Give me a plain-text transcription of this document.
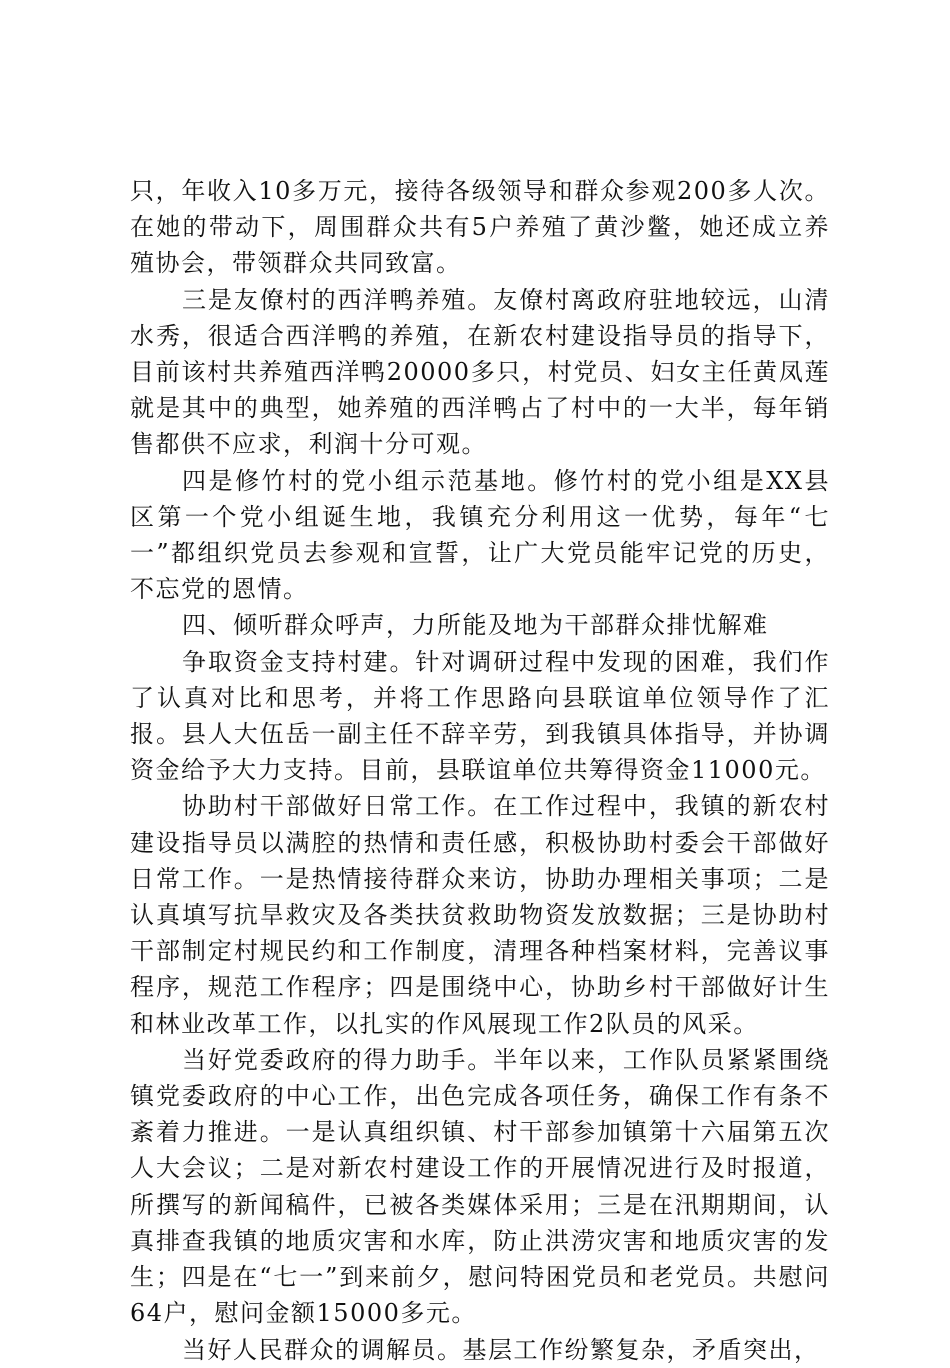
只，年收入10多万元，接待各级领导和群众参观200多人次。在她的带动下，周围群众共有5户养殖了黄沙鳖，她还成立养殖协会，带领群众共同致富。

三是友僚村的西洋鸭养殖。友僚村离政府驻地较远，山清水秀，很适合西洋鸭的养殖，在新农村建设指导员的指导下，目前该村共养殖西洋鸭20000多只，村党员、妇女主任黄凤莲就是其中的典型，她养殖的西洋鸭占了村中的一大半，每年销售都供不应求，利润十分可观。

四是修竹村的党小组示范基地。修竹村的党小组是XX县区第一个党小组诞生地，我镇充分利用这一优势，每年“七一”都组织党员去参观和宣誓，让广大党员能牢记党的历史，不忘党的恩情。

四、倾听群众呼声，力所能及地为干部群众排忧解难

争取资金支持村建。针对调研过程中发现的困难，我们作了认真对比和思考，并将工作思路向县联谊单位领导作了汇报。县人大伍岳一副主任不辞辛劳，到我镇具体指导，并协调资金给予大力支持。目前，县联谊单位共筹得资金11000元。

协助村干部做好日常工作。在工作过程中，我镇的新农村建设指导员以满腔的热情和责任感，积极协助村委会干部做好日常工作。一是热情接待群众来访，协助办理相关事项；二是认真填写抗旱救灾及各类扶贫救助物资发放数据；三是协助村干部制定村规民约和工作制度，清理各种档案材料，完善议事程序，规范工作程序；四是围绕中心，协助乡村干部做好计生和林业改革工作，以扎实的作风展现工作2队员的风采。

当好党委政府的得力助手。半年以来，工作队员紧紧围绕镇党委政府的中心工作，出色完成各项任务，确保工作有条不紊着力推进。一是认真组织镇、村干部参加镇第十六届第五次人大会议；二是对新农村建设工作的开展情况进行及时报道，所撰写的新闻稿件，已被各类媒体采用；三是在汛期期间，认真排查我镇的地质灾害和水库，防止洪涝灾害和地质灾害的发生；四是在“七一”到来前夕，慰问特困党员和老党员。共慰问64户，慰问金额15000多元。

当好人民群众的调解员。基层工作纷繁复杂，矛盾突出，
